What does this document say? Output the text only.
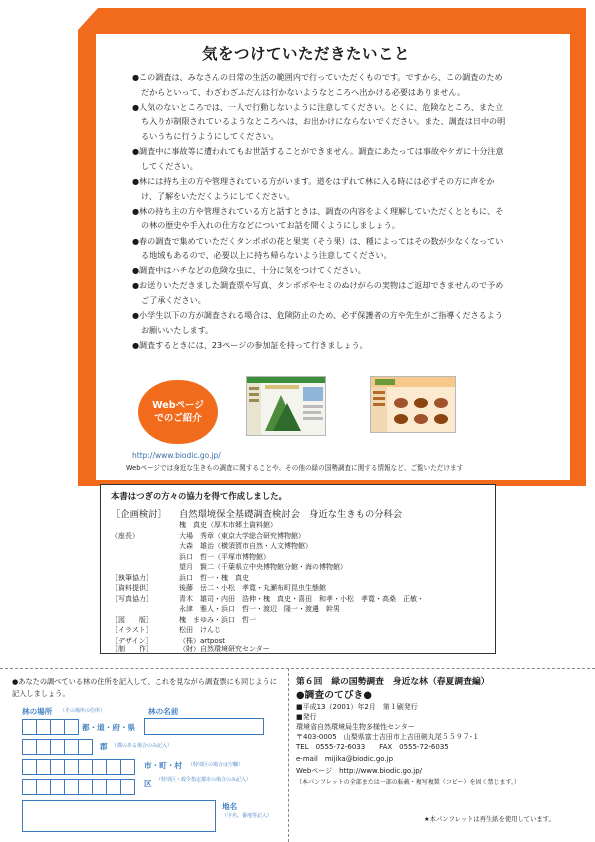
気をつけていただきたいこと

●この調査は、みなさんの日常の生活の範囲内で行っていただくものです。ですから、この調査のためだからといって、わざわざふだんは行かないようなところへ出かける必要はありません。

●人気のないところでは、一人で行動しないように注意してください。とくに、危険なところ、また立ち入りが制限されているようなところへは、お出かけにならないでください。また、調査は日中の明るいうちに行うようにしてください。

●調査中に事故等に遭われてもお世話することができません。調査にあたっては事故やケガに十分注意してください。

●林には持ち主の方や管理されている方がいます。道をはずれて林に入る時には必ずその方に声をかけ、了解をいただくようにしてください。

●林の持ち主の方や管理されている方と話すときは、調査の内容をよく理解していただくとともに、その林の歴史や手入れの仕方などについてお話を聞くようにしましょう。

●春の調査で集めていただくタンポポの花と果実（そう果）は、種によってはその数が少なくなっている地域もあるので、必要以上に持ち帰らないよう注意してください。

●調査中はハチなどの危険な虫に、十分に気をつけてください。

●お送りいただきました調査票や写真、タンポポやセミのぬけがらの実物はご返却できませんので予めご了承ください。

●小学生以下の方が調査される場合は、危険防止のため、必ず保護者の方や先生がご指導くださるようお願いいたします。

●調査するときには、23ページの参加証を持って行きましょう。

Webページ
でのご紹介
http://www.biodic.go.jp/
Webページでは身近な生きもの調査に関することや、その他の緑の国勢調査に関する情報など、ご覧いただけます
本書はつぎの方々の協力を得て作成しました。
［企画検討］ 自然環境保全基礎調査検討会　身近な生きもの分科会
槐　真史（厚木市郷土資料館）
（座長）	大場　秀章（東京大学総合研究博物館）
大森　雄治（横須賀市自然・人文博物館）
浜口　哲一（平塚市博物館）
望月　賢二（千葉県立中央博物館分館・海の博物館）
［執筆協力］	浜口　哲一・槐　真史
［資料提供］	後藤　岳二・小松　孝寛・丸瀬布町昆虫生態館
［写真協力］	青木　雄司・内田　浩伸・槐　真史・喜田　和孝・小松　孝寛・高桑　正敏・
永津　雅人・浜口　哲一・渡辺　隆一・渡邊　幹男
［図　　版］	槐　まゆみ・浜口　哲一
［イラスト］	松田　けんじ
［デザイン］	（株）artpost
［制　　作］	（財）自然環境研究センター
●あなたの調べている林の住所を記入して、これを見ながら調査票にも同じように記入しましょう。
林の場所 （その場所の住所）	林の名前
都・道・府・県
郡 （郡のある場合のみ記入）
市・町・村 （特別区の場合は空欄）
区 （特別区・政令指定都市の場合のみ記入）
地名
（字名、番地等記入）
第６回　緑の国勢調査　身近な林（春夏調査編）
●調査のてびき●
■平成13（2001）年2月　第１刷発行
■発行
環境省自然環境局生物多様性センター
〒403-0005　山梨県富士吉田市上吉田剣丸尾５５９７-１
TEL　0555-72-6033　　FAX　0555-72-6035
e-mail　mijika@biodic.go.jp
Webページ　http://www.biodic.go.jp/
（本パンフレットの全部または一部の転載・複写複製（コピー）を固く禁じます。）
★本パンフレットは再生紙を使用しています。
